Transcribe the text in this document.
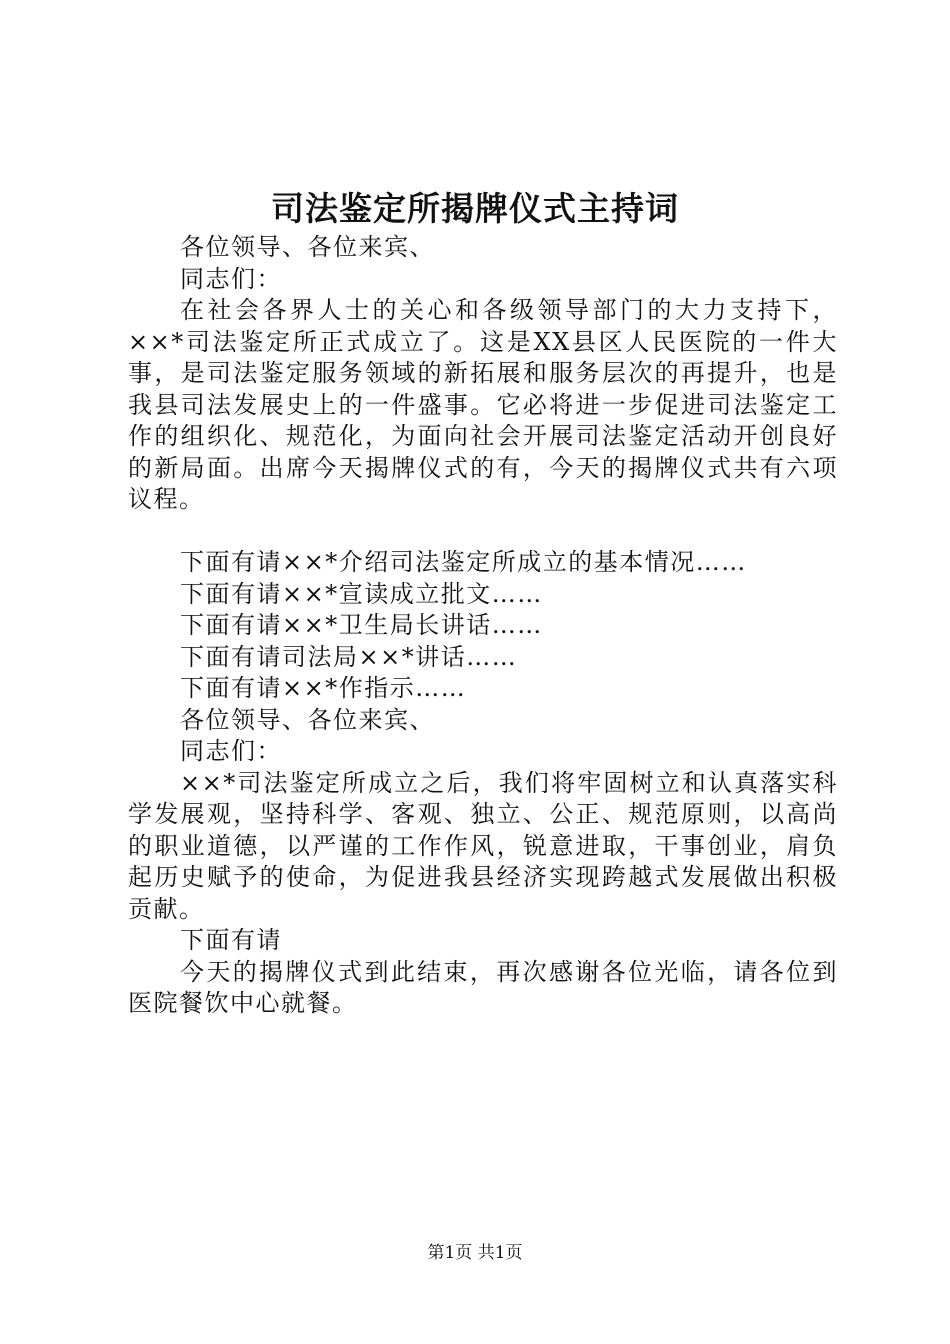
司法鉴定所揭牌仪式主持词

各位领导、各位来宾、

同志们：

在社会各界人士的关心和各级领导部门的大力支持下，××*司法鉴定所正式成立了。这是XX县区人民医院的一件大事，是司法鉴定服务领域的新拓展和服务层次的再提升，也是我县司法发展史上的一件盛事。它必将进一步促进司法鉴定工作的组织化、规范化，为面向社会开展司法鉴定活动开创良好的新局面。出席今天揭牌仪式的有，今天的揭牌仪式共有六项议程。

下面有请××*介绍司法鉴定所成立的基本情况……

下面有请××*宣读成立批文……

下面有请××*卫生局长讲话……

下面有请司法局××*讲话……

下面有请××*作指示……

各位领导、各位来宾、

同志们：

××*司法鉴定所成立之后，我们将牢固树立和认真落实科学发展观，坚持科学、客观、独立、公正、规范原则，以高尚的职业道德，以严谨的工作作风，锐意进取，干事创业，肩负起历史赋予的使命，为促进我县经济实现跨越式发展做出积极贡献。

下面有请

今天的揭牌仪式到此结束，再次感谢各位光临，请各位到医院餐饮中心就餐。

第1页 共1页
